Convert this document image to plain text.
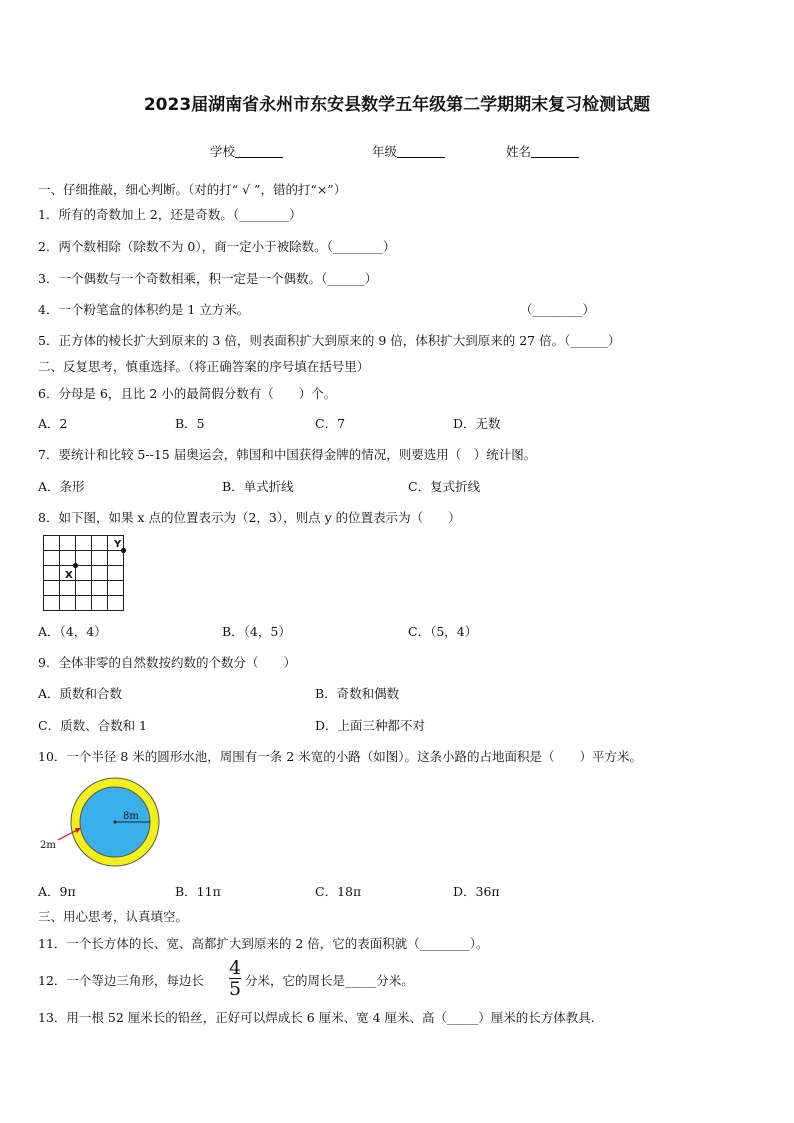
2023届湖南省永州市东安县数学五年级第二学期期末复习检测试题
学校	年级	姓名
一、仔细推敲，细心判断。（对的打“ √ ”，错的打“×”）
1．所有的奇数加上 2，还是奇数。（________）
2．两个数相除（除数不为 0），商一定小于被除数。（________）
3．一个偶数与一个奇数相乘，积一定是一个偶数。（______）
4．一个粉笔盒的体积约是 1 立方米。	（________）
5．正方体的棱长扩大到原来的 3 倍，则表面积扩大到原来的 9 倍，体积扩大到原来的 27 倍。（______）
二、反复思考，慎重选择。（将正确答案的序号填在括号里）
6．分母是 6，且比 2 小的最简假分数有（　　）个。
A．2	B．5	C．7	D．无数
7．要统计和比较 5--15 届奥运会，韩国和中国获得金牌的情况，则要选用（　）统计图。
A．条形	B．单式折线	C．复式折线
8．如下图，如果 x 点的位置表示为（2，3），则点 y 的位置表示为（　　）
X
Y
A．（4，4）	B．（4，5）	C．（5，4）
9．全体非零的自然数按约数的个数分（　　）
A．质数和合数	B．奇数和偶数
C．质数、合数和 1	D．上面三种都不对
10．一个半径 8 米的圆形水池，周围有一条 2 米宽的小路（如图）。这条小路的占地面积是（　　）平方米。
8m
2m
A．9π	B．11π	C．18π	D．36π
三、用心思考，认真填空。
11．一个长方体的长、宽、高都扩大到原来的 2 倍，它的表面积就（________）。
12．一个等边三角形，每边长
4
5 分米，它的周长是_____分米。
13．用一根 52 厘米长的铅丝，正好可以焊成长 6 厘米、宽 4 厘米、高（_____）厘米的长方体教具.
